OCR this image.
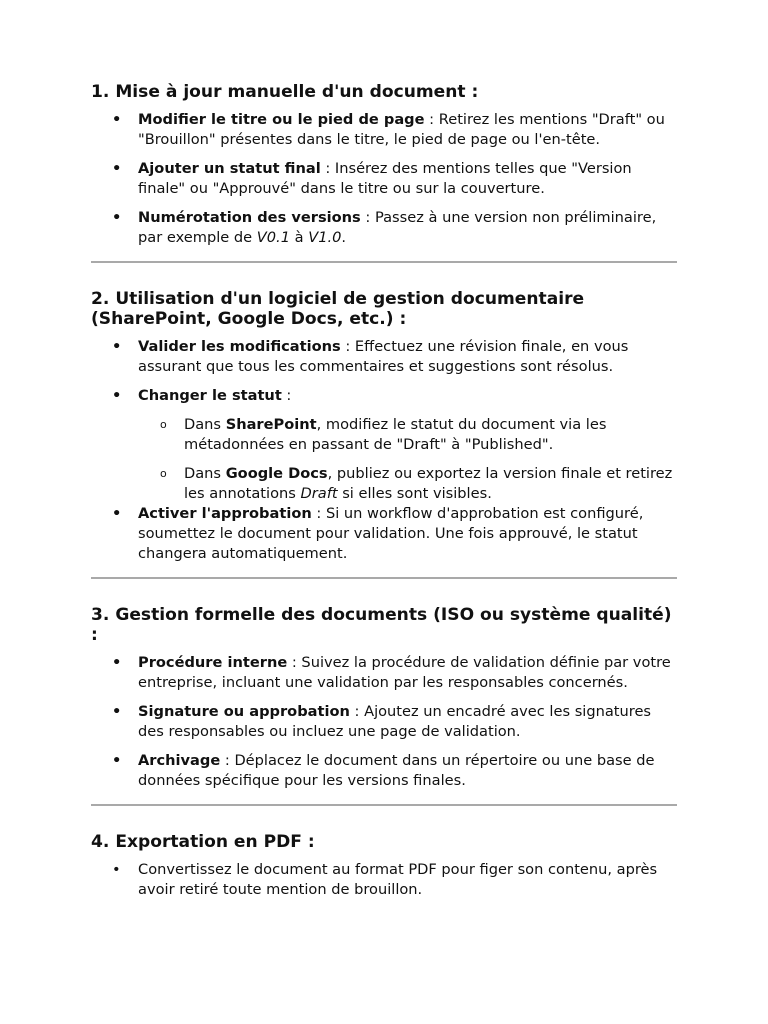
1. Mise à jour manuelle d'un document :
• Modifier le titre ou le pied de page : Retirez les mentions "Draft" ou "Brouillon" présentes dans le titre, le pied de page ou l'en-tête.
• Ajouter un statut final : Insérez des mentions telles que "Version finale" ou "Approuvé" dans le titre ou sur la couverture.
• Numérotation des versions : Passez à une version non préliminaire, par exemple de V0.1 à V1.0.
2. Utilisation d'un logiciel de gestion documentaire (SharePoint, Google Docs, etc.) :
• Valider les modifications : Effectuez une révision finale, en vous assurant que tous les commentaires et suggestions sont résolus.
• Changer le statut :
o Dans SharePoint, modifiez le statut du document via les métadonnées en passant de "Draft" à "Published".
o Dans Google Docs, publiez ou exportez la version finale et retirez les annotations Draft si elles sont visibles.
• Activer l'approbation : Si un workflow d'approbation est configuré, soumettez le document pour validation. Une fois approuvé, le statut changera automatiquement.
3. Gestion formelle des documents (ISO ou système qualité) :
• Procédure interne : Suivez la procédure de validation définie par votre entreprise, incluant une validation par les responsables concernés.
• Signature ou approbation : Ajoutez un encadré avec les signatures des responsables ou incluez une page de validation.
• Archivage : Déplacez le document dans un répertoire ou une base de données spécifique pour les versions finales.
4. Exportation en PDF :
• Convertissez le document au format PDF pour figer son contenu, après avoir retiré toute mention de brouillon.
